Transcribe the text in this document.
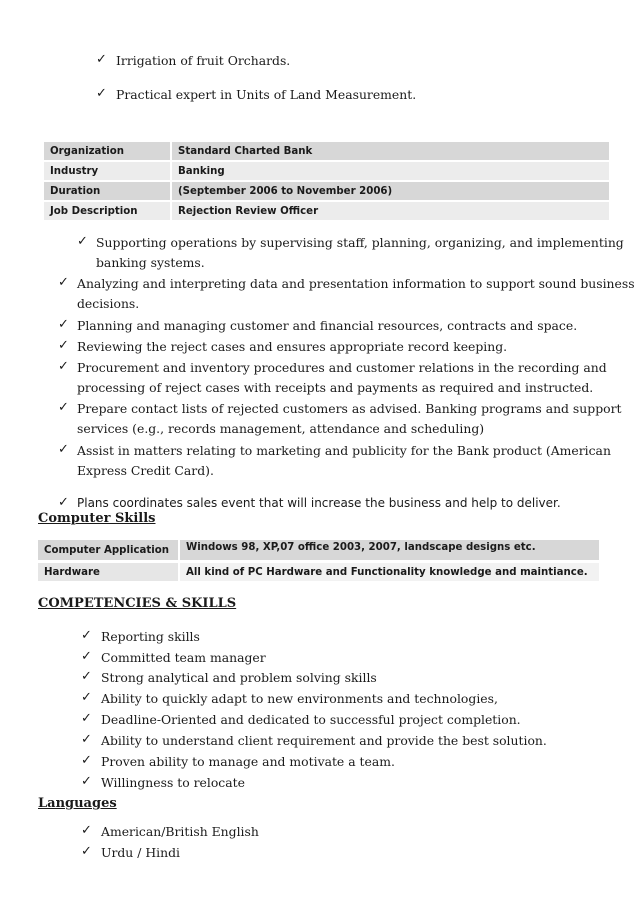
✓ Irrigation of fruit Orchards.
✓ Practical expert in Units of Land Measurement.
Organization	Standard Charted Bank
Industry	Banking
Duration	(September 2006 to November 2006)
Job Description	Rejection Review Officer
✓ Supporting operations by supervising staff, planning, organizing, and implementing
banking systems.
✓ Analyzing and interpreting data and presentation information to support sound business
decisions.
✓ Planning and managing customer and financial resources, contracts and space.
✓ Reviewing the reject cases and ensures appropriate record keeping.
✓ Procurement and inventory procedures and customer relations in the recording and
processing of reject cases with receipts and payments as required and instructed.
✓ Prepare contact lists of rejected customers as advised. Banking programs and support
services (e.g., records management, attendance and scheduling)
✓ Assist in matters relating to marketing and publicity for the Bank product (American
Express Credit Card).
✓ Plans coordinates sales event that will increase the business and help to deliver.
Computer Skills
Computer Application	Windows 98, XP,07 office 2003, 2007, landscape designs etc.
Hardware	All kind of PC Hardware and Functionality knowledge and maintiance.
COMPETENCIES & SKILLS
✓ Reporting skills
✓ Committed team manager
✓ Strong analytical and problem solving skills
✓ Ability to quickly adapt to new environments and technologies,
✓ Deadline-Oriented and dedicated to successful project completion.
✓ Ability to understand client requirement and provide the best solution.
✓ Proven ability to manage and motivate a team.
✓ Willingness to relocate
Languages
✓ American/British English
✓ Urdu / Hindi
